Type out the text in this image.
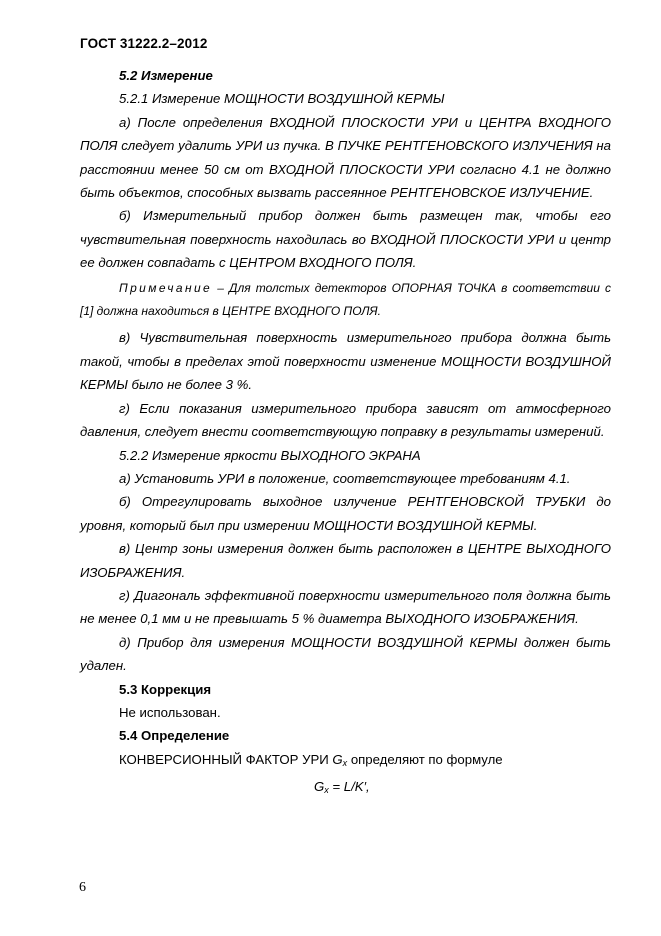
ГОСТ 31222.2–2012

5.2 Измерение

5.2.1 Измерение МОЩНОСТИ ВОЗДУШНОЙ КЕРМЫ

а) После определения ВХОДНОЙ ПЛОСКОСТИ УРИ и ЦЕНТРА ВХОДНОГО ПОЛЯ следует удалить УРИ из пучка. В ПУЧКЕ РЕНТГЕНОВСКОГО ИЗЛУЧЕНИЯ на расстоянии менее 50 см от ВХОДНОЙ ПЛОСКОСТИ УРИ согласно 4.1 не должно быть объектов, способных вызвать рассеянное РЕНТГЕНОВСКОЕ ИЗЛУЧЕНИЕ.

б) Измерительный прибор должен быть размещен так, чтобы его чувствительная поверхность находилась во ВХОДНОЙ ПЛОСКОСТИ УРИ и центр ее должен совпадать с ЦЕНТРОМ ВХОДНОГО ПОЛЯ.

Примечание – Для толстых детекторов ОПОРНАЯ ТОЧКА в соответствии с [1] должна находиться в ЦЕНТРЕ ВХОДНОГО ПОЛЯ.

в) Чувствительная поверхность измерительного прибора должна быть такой, чтобы в пределах этой поверхности изменение МОЩНОСТИ ВОЗДУШНОЙ КЕРМЫ было не более 3 %.

г) Если показания измерительного прибора зависят от атмосферного давления, следует внести соответствующую поправку в результаты измерений.

5.2.2 Измерение яркости ВЫХОДНОГО ЭКРАНА

а) Установить УРИ в положение, соответствующее требованиям 4.1.

б) Отрегулировать выходное излучение РЕНТГЕНОВСКОЙ ТРУБКИ до уровня, который был при измерении МОЩНОСТИ ВОЗДУШНОЙ КЕРМЫ.

в) Центр зоны измерения должен быть расположен в ЦЕНТРЕ ВЫХОДНОГО ИЗОБРАЖЕНИЯ.

г) Диагональ эффективной поверхности измерительного поля должна быть не менее 0,1 мм и не превышать 5 % диаметра ВЫХОДНОГО ИЗОБРАЖЕНИЯ.

д) Прибор для измерения МОЩНОСТИ ВОЗДУШНОЙ КЕРМЫ должен быть удален.

5.3 Коррекция

Не использован.

5.4 Определение

КОНВЕРСИОННЫЙ ФАКТОР УРИ Gx определяют по формуле

$G_x = L/K'$,

6
